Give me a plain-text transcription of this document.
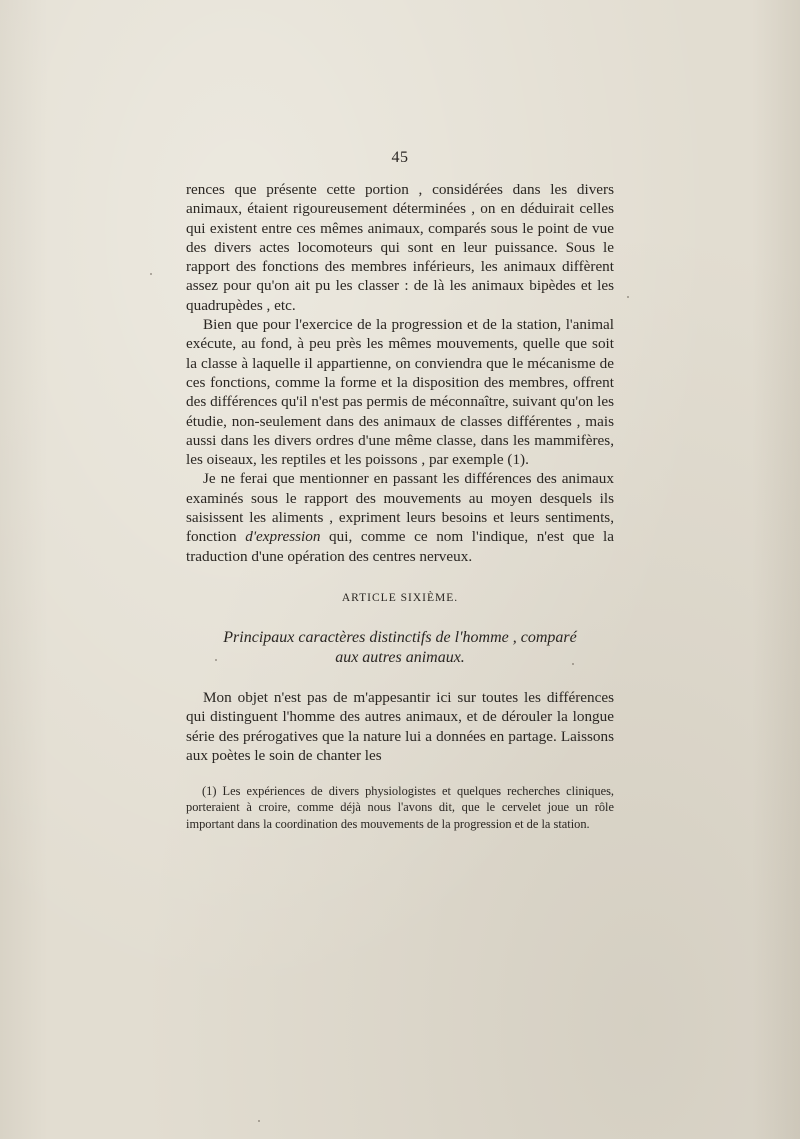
45

rences que présente cette portion , considérées dans les divers animaux, étaient rigoureusement déterminées , on en déduirait celles qui existent entre ces mêmes animaux, comparés sous le point de vue des divers actes locomoteurs qui sont en leur puissance. Sous le rapport des fonctions des membres inférieurs, les animaux diffèrent assez pour qu'on ait pu les classer : de là les animaux bipèdes et les quadrupèdes , etc.

Bien que pour l'exercice de la progression et de la station, l'animal exécute, au fond, à peu près les mêmes mouvements, quelle que soit la classe à laquelle il appartienne, on conviendra que le mécanisme de ces fonctions, comme la forme et la disposition des membres, offrent des différences qu'il n'est pas permis de méconnaître, suivant qu'on les étudie, non-seulement dans des animaux de classes différentes , mais aussi dans les divers ordres d'une même classe, dans les mammifères, les oiseaux, les reptiles et les poissons , par exemple (1).

Je ne ferai que mentionner en passant les différences des animaux examinés sous le rapport des mouvements au moyen desquels ils saisissent les aliments , expriment leurs besoins et leurs sentiments, fonction d'expression qui, comme ce nom l'indique, n'est que la traduction d'une opération des centres nerveux.

ARTICLE SIXIÈME.
Principaux caractères distinctifs de l'homme , comparé
aux autres animaux.

Mon objet n'est pas de m'appesantir ici sur toutes les différences qui distinguent l'homme des autres animaux, et de dérouler la longue série des prérogatives que la nature lui a données en partage. Laissons aux poètes le soin de chanter les

(1) Les expériences de divers physiologistes et quelques recherches cliniques, porteraient à croire, comme déjà nous l'avons dit, que le cervelet joue un rôle important dans la coordination des mouvements de la progression et de la station.
